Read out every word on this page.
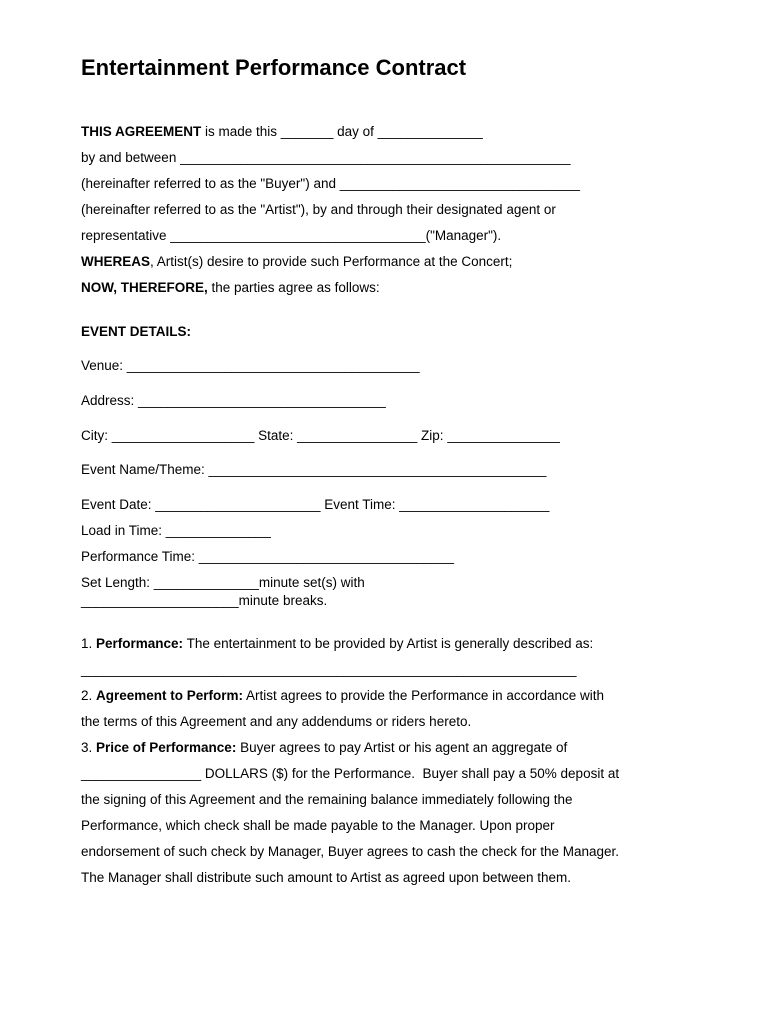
Entertainment Performance Contract
THIS AGREEMENT is made this _______ day of ______________
by and between ____________________________________________________
(hereinafter referred to as the "Buyer") and ________________________________
(hereinafter referred to as the "Artist"), by and through their designated agent or
representative __________________________________("Manager").
WHEREAS, Artist(s) desire to provide such Performance at the Concert;
NOW, THEREFORE, the parties agree as follows:
EVENT DETAILS:
Venue: _______________________________________
Address: _________________________________
City: ___________________ State: ________________ Zip: _______________
Event Name/Theme: _____________________________________________
Event Date: ______________________ Event Time: ____________________
Load in Time: ______________
Performance Time: __________________________________
Set Length: ______________minute set(s) with
_____________________minute breaks.
1. Performance: The entertainment to be provided by Artist is generally described as:
__________________________________________________________________
2. Agreement to Perform: Artist agrees to provide the Performance in accordance with
the terms of this Agreement and any addendums or riders hereto.
3. Price of Performance: Buyer agrees to pay Artist or his agent an aggregate of
________________ DOLLARS ($) for the Performance.  Buyer shall pay a 50% deposit at
the signing of this Agreement and the remaining balance immediately following the
Performance, which check shall be made payable to the Manager. Upon proper
endorsement of such check by Manager, Buyer agrees to cash the check for the Manager.
The Manager shall distribute such amount to Artist as agreed upon between them.
